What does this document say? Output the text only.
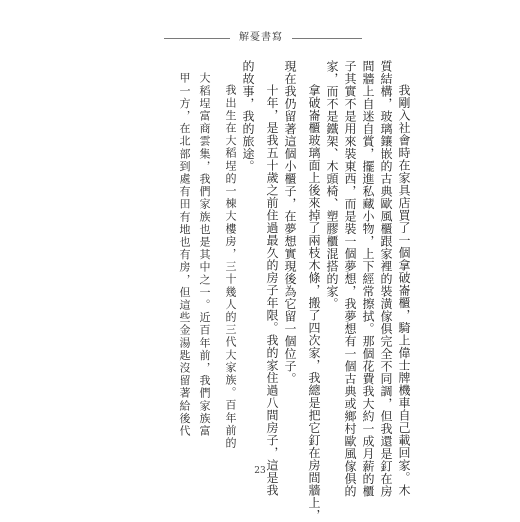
解憂書寫
我剛入社會時在家具店買了一個拿破崙櫃，騎上偉士牌機車自己載回家。木
質結構，玻璃鑲嵌的古典歐風櫃跟家裡的裝潢傢俱完全不同調，但我還是釘在房
間牆上自迷自賞，擺進私藏小物，上下經常擦拭。那個花費我大約一成月薪的櫃
子其實不是用來裝東西，而是裝一個夢想，我夢想有一個古典或鄉村歐風傢俱的
家，而不是鐵架、木頭椅、塑膠櫃混搭的家。
拿破崙櫃玻璃面上後來掉了兩枝木條，搬了四次家，我總是把它釘在房間牆上，
現在我仍留著這個小櫃子，在夢想實現後為它留一個位子。
十年，是我五十歲之前住過最久的房子年限。我的家住過八間房子，這是我
的故事，我的旅途。
我出生在大稻埕的一棟大樓房，三十幾人的三代大家族。百年前的
大稻埕富商雲集，我們家族也是其中之一。近百年前，我們家族富
甲一方，在北部到處有田有地也有房，但這些金湯匙沒留著給後代
23
